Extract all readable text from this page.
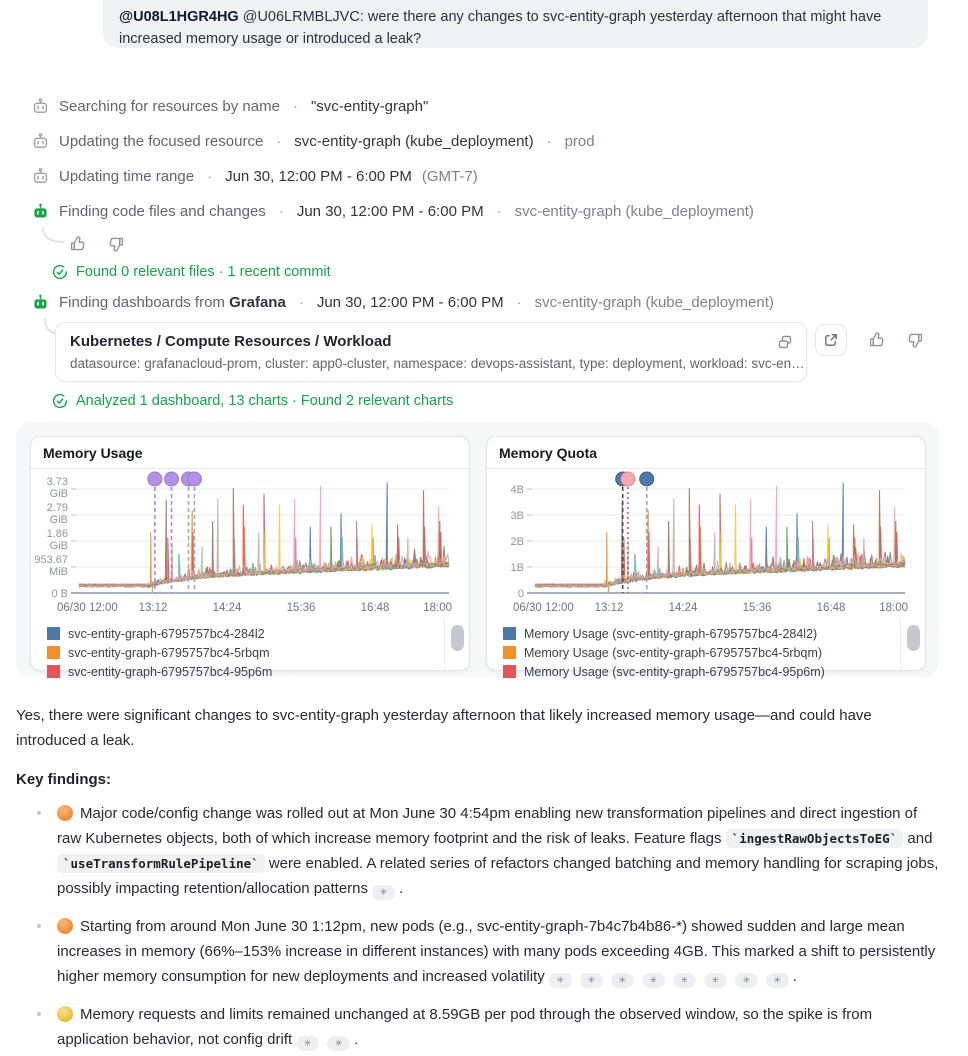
@U08L1HGR4HG @U06LRMBLJVC: were there any changes to svc-entity-graph yesterday afternoon that might have increased memory usage or introduced a leak?
Searching for resources by name · "svc-entity-graph"
Updating the focused resource · svc-entity-graph (kube_deployment) · prod
Updating time range · Jun 30, 12:00 PM - 6:00 PM (GMT-7)
Finding code files and changes · Jun 30, 12:00 PM - 6:00 PM · svc-entity-graph (kube_deployment)
Found 0 relevant files · 1 recent commit
Finding dashboards from Grafana · Jun 30, 12:00 PM - 6:00 PM · svc-entity-graph (kube_deployment)
Kubernetes / Compute Resources / Workload
datasource: grafanacloud-prom, cluster: app0-cluster, namespace: devops-assistant, type: deployment, workload: svc-en…
Analyzed 1 dashboard, 13 charts · Found 2 relevant charts
Memory Usage
3.73
GiB
2.79
GiB
1.86
GiB
953.67
MiB
0 B
06/30 12:00 13:12	14:24	15:36	16:48	18:00
svc-entity-graph-6795757bc4-284l2
svc-entity-graph-6795757bc4-5rbqm
svc-entity-graph-6795757bc4-95p6m
Memory Quota
4B
3B
2B
1B
0
06/30 12:00 13:12	14:24	15:36	16:48	18:00
Memory Usage (svc-entity-graph-6795757bc4-284l2)
Memory Usage (svc-entity-graph-6795757bc4-5rbqm)
Memory Usage (svc-entity-graph-6795757bc4-95p6m)
Yes, there were significant changes to svc-entity-graph yesterday afternoon that likely increased memory usage—and could have introduced a leak.
Key findings:
Major code/config change was rolled out at Mon June 30 4:54pm enabling new transformation pipelines and direct ingestion of raw Kubernetes objects, both of which increase memory footprint and the risk of leaks. Feature flags `ingestRawObjectsToEG` and `useTransformRulePipeline` were enabled. A related series of refactors changed batching and memory handling for scraping jobs, possibly impacting retention/allocation patterns ✳ .
Starting from around Mon June 30 1:12pm, new pods (e.g., svc-entity-graph-7b4c7b4b86-*) showed sudden and large mean increases in memory (66%–153% increase in different instances) with many pods exceeding 4GB. This marked a shift to persistently higher memory consumption for new deployments and increased volatility ✳	✳	✳	✳	✳	✳	✳	✳ .
Memory requests and limits remained unchanged at 8.59GB per pod through the observed window, so the spike is from application behavior, not config drift ✳	✳ .
